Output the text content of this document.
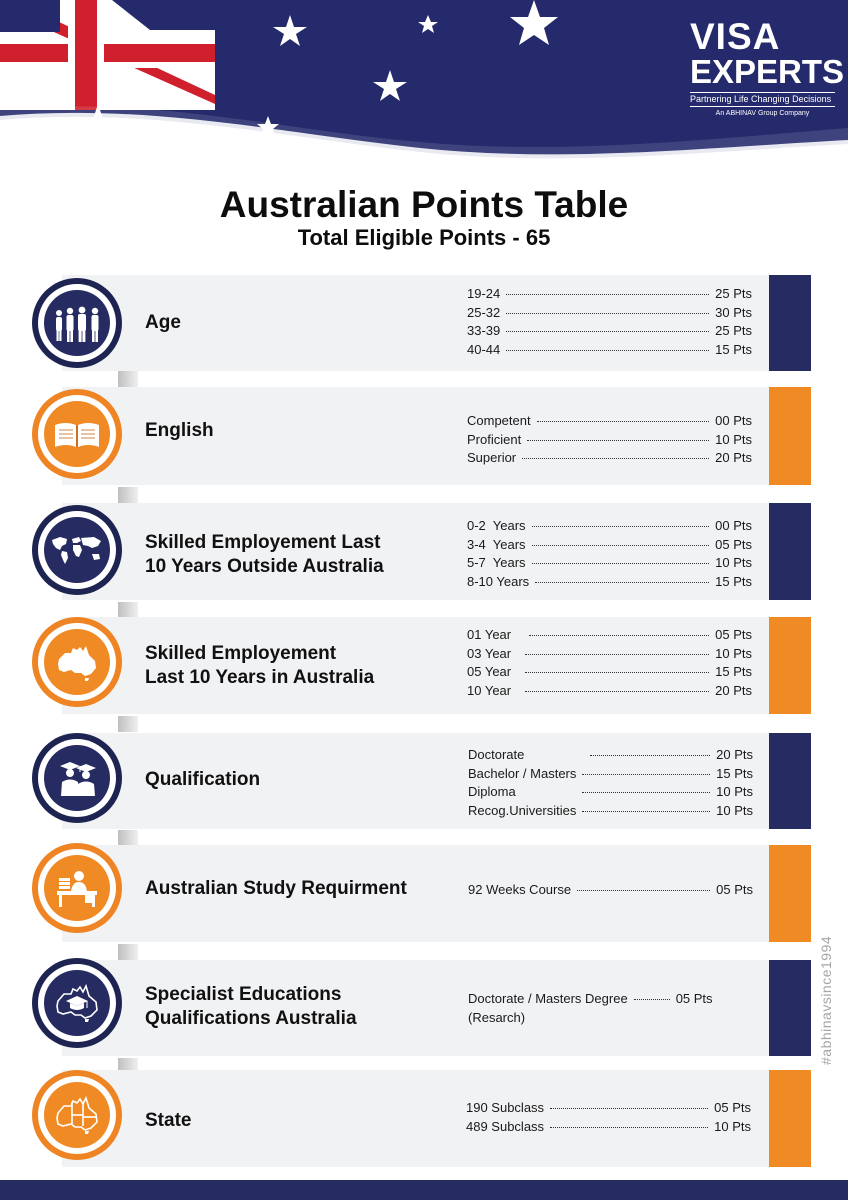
VISA
EXPERTS
Partnering Life Changing Decisions
An ABHINAV Group Company
Australian Points Table
Total Eligible Points - 65
Age
19-24	25 Pts
25-32	30 Pts
33-39	25 Pts
40-44	15 Pts
English	Competent	00 Pts
Proficient	10 Pts
Superior	20 Pts
Skilled Employement Last
10 Years Outside Australia
0-2  Years	00 Pts
3-4  Years	05 Pts
5-7  Years	10 Pts
8-10 Years	15 Pts
Skilled Employement
Last 10 Years in Australia
01 Year	05 Pts
03 Year	10 Pts
05 Year	15 Pts
10 Year	20 Pts
Qualification
Doctorate	20 Pts
Bachelor / Masters	15 Pts
Diploma	10 Pts
Recog.Universities	10 Pts
Australian Study Requirment	92 Weeks Course	05 Pts
Specialist Educations
Qualifications Australia
Doctorate / Masters Degree	05 Pts
(Resarch)
State
190 Subclass	05 Pts
489 Subclass	10 Pts
#abhinavsince1994
